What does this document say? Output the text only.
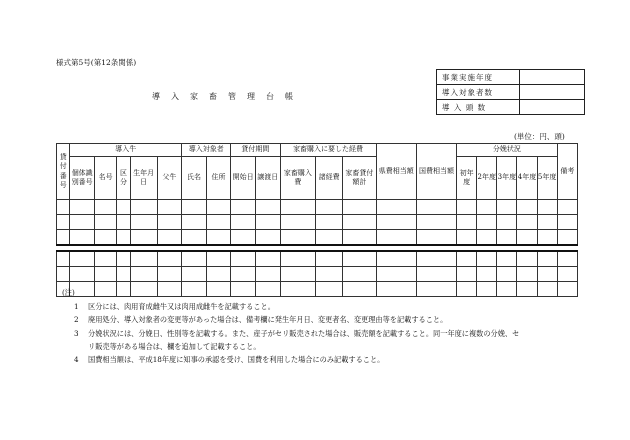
様式第5号(第12条関係)
導入家畜管理台帳
事業実施年度	
導入対象者数	
導 入 頭 数	
(単位：円、頭)
貸付番号	導入牛					導入対象者		貸付期間		家畜購入に要した経費			県費相当額	国費相当額	分娩状況					備考
	個体識別番号	名号	区分	生年月日	父牛	氏名	住所	開始日	譲渡日	家畜購入費	諸経費	家畜貸付額計			初年度	2年度	3年度	4年度	5年度	

(注)
1 区分には、肉用育成雌牛又は肉用成雌牛を記載すること。
2 廃用処分、導入対象者の変更等があった場合は、備考欄に発生年月日、変更者名、変更理由等を記載すること。
3 分娩状況には、分娩日、性別等を記載する。また、産子がセリ販売された場合は、販売額を記載すること。同一年度に複数の分娩、セ
リ販売等がある場合は、欄を追加して記載すること。
4 国費相当額は、平成18年度に知事の承認を受け、国費を利用した場合にのみ記載すること。
